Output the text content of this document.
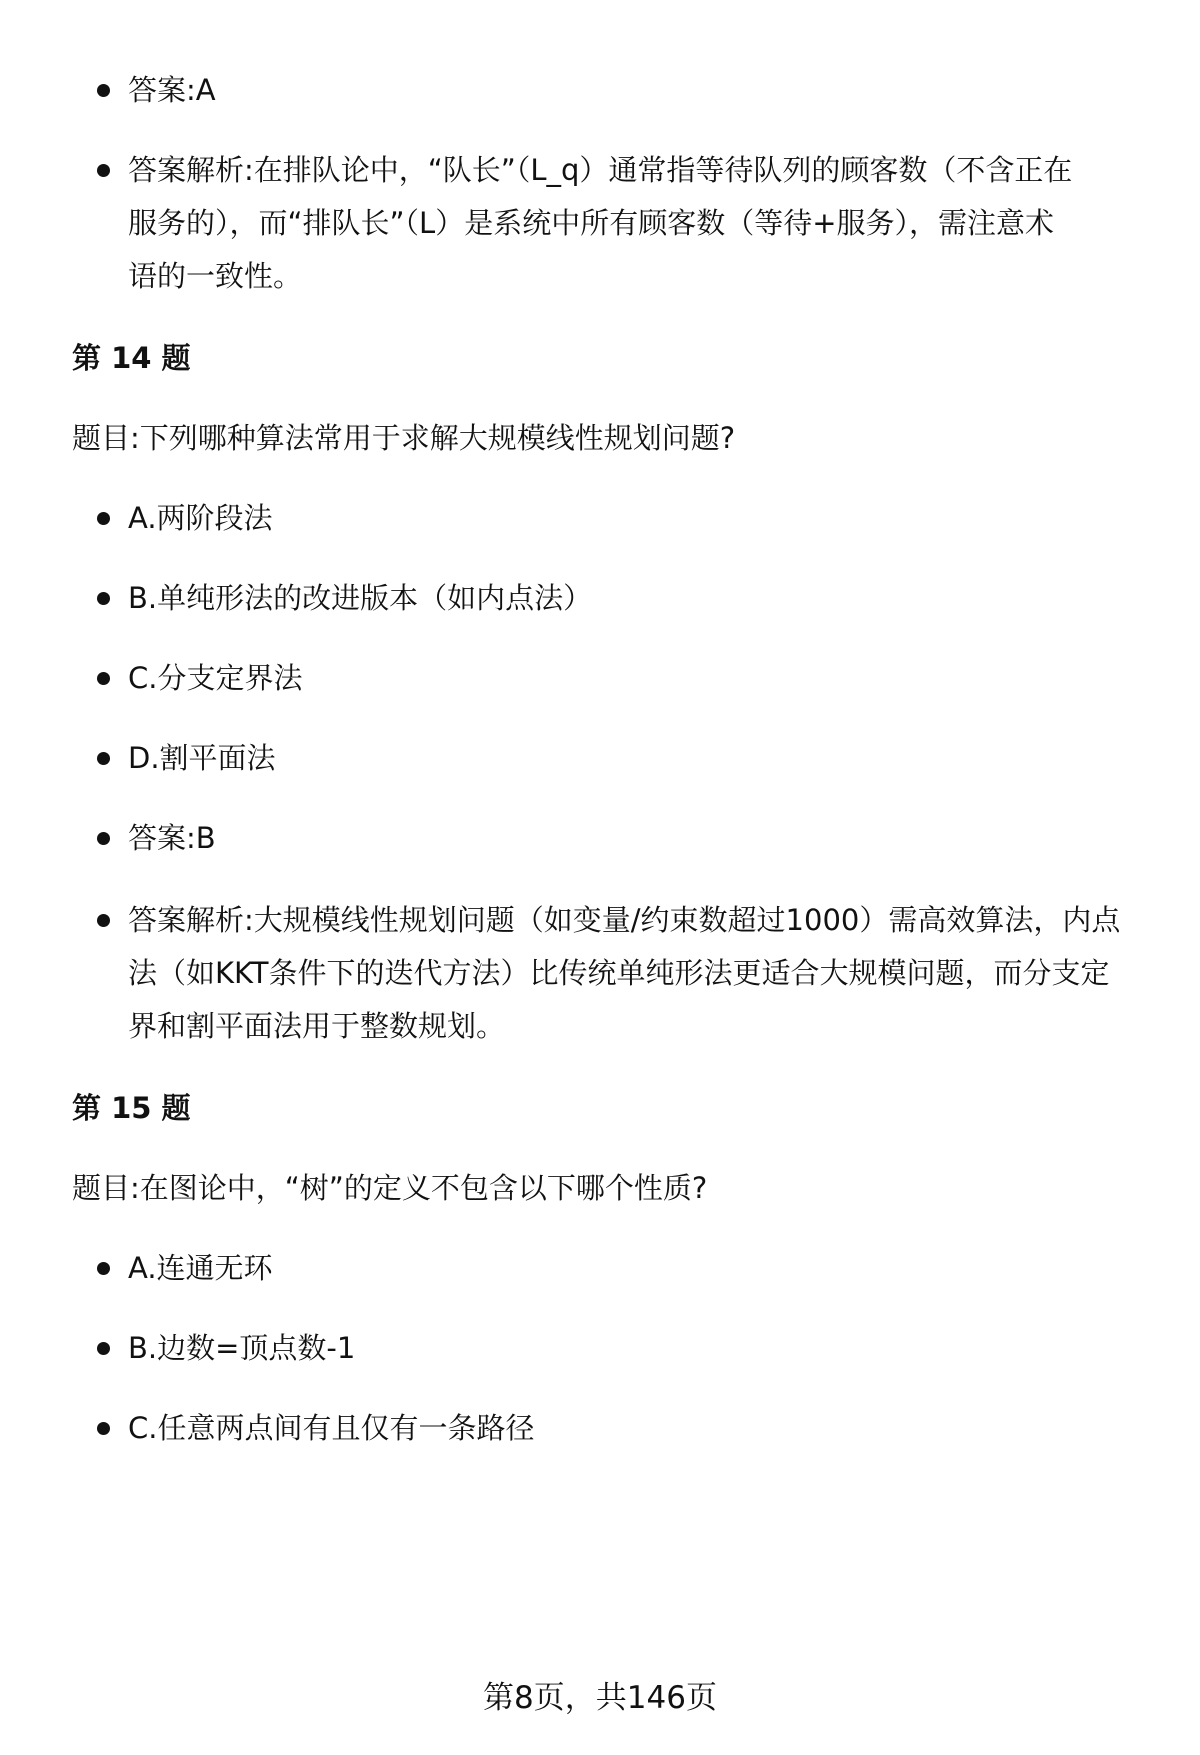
答案:A
答案解析:在排队论中，“队长”（L_q）通常指等待队列的顾客数（不含正在
服务的），而“排队长”（L）是系统中所有顾客数（等待+服务），需注意术
语的一致性。
第 14 题
题目:下列哪种算法常用于求解大规模线性规划问题?
A.两阶段法
B.单纯形法的改进版本（如内点法）
C.分支定界法
D.割平面法
答案:B
答案解析:大规模线性规划问题（如变量/约束数超过1000）需高效算法，内点
法（如KKT条件下的迭代方法）比传统单纯形法更适合大规模问题，而分支定
界和割平面法用于整数规划。
第 15 题
题目:在图论中，“树”的定义不包含以下哪个性质?
A.连通无环
B.边数=顶点数-1
C.任意两点间有且仅有一条路径
第8页，共146页
